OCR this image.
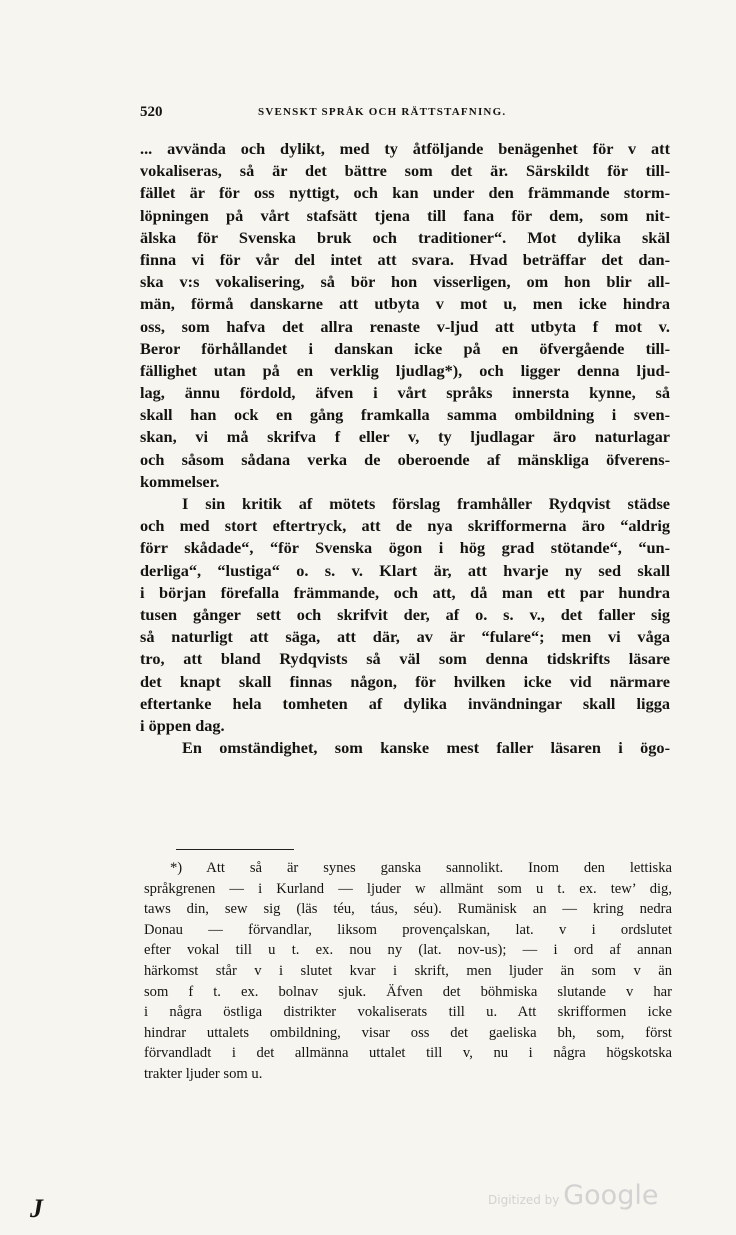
520	SVENSKT SPRÅK OCH RÄTTSTAFNING.
... avvända och dylikt, med ty åtföljande benägenhet för v att
vokaliseras, så är det bättre som det är. Särskildt för till-
fället är för oss nyttigt, och kan under den främmande storm-
löpningen på vårt stafsätt tjena till fana för dem, som nit-
älska för Svenska bruk och traditioner“. Mot dylika skäl
finna vi för vår del intet att svara. Hvad beträffar det dan-
ska v:s vokalisering, så bör hon visserligen, om hon blir all-
män, förmå danskarne att utbyta v mot u, men icke hindra
oss, som hafva det allra renaste v-ljud att utbyta f mot v.
Beror förhållandet i danskan icke på en öfvergående till-
fällighet utan på en verklig ljudlag*), och ligger denna ljud-
lag, ännu fördold, äfven i vårt språks innersta kynne, så
skall han ock en gång framkalla samma ombildning i sven-
skan, vi må skrifva f eller v, ty ljudlagar äro naturlagar
och såsom sådana verka de oberoende af mänskliga öfverens-
kommelser.
I sin kritik af mötets förslag framhåller Rydqvist städse
och med stort eftertryck, att de nya skrifformerna äro “aldrig
förr skådade“, “för Svenska ögon i hög grad stötande“, “un-
derliga“, “lustiga“ o. s. v. Klart är, att hvarje ny sed skall
i början förefalla främmande, och att, då man ett par hundra
tusen gånger sett och skrifvit der, af o. s. v., det faller sig
så naturligt att säga, att där, av är “fulare“; men vi våga
tro, att bland Rydqvists så väl som denna tidskrifts läsare
det knapt skall finnas någon, för hvilken icke vid närmare
eftertanke hela tomheten af dylika invändningar skall ligga
i öppen dag.
En omständighet, som kanske mest faller läsaren i ögo-
*) Att så är synes ganska sannolikt. Inom den lettiska
språkgrenen — i Kurland — ljuder w allmänt som u t. ex. tew’ dig,
taws din, sew sig (läs téu, táus, séu). Rumänisk an — kring nedra
Donau — förvandlar, liksom provençalskan, lat. v i ordslutet
efter vokal till u t. ex. nou ny (lat. nov-us); — i ord af annan
härkomst står v i slutet kvar i skrift, men ljuder än som v än
som f t. ex. bolnav sjuk. Äfven det böhmiska slutande v har
i några östliga distrikter vokaliserats till u. Att skrifformen icke
hindrar uttalets ombildning, visar oss det gaeliska bh, som, först
förvandladt i det allmänna uttalet till v, nu i några högskotska
trakter ljuder som u.
J	Digitized by Google
